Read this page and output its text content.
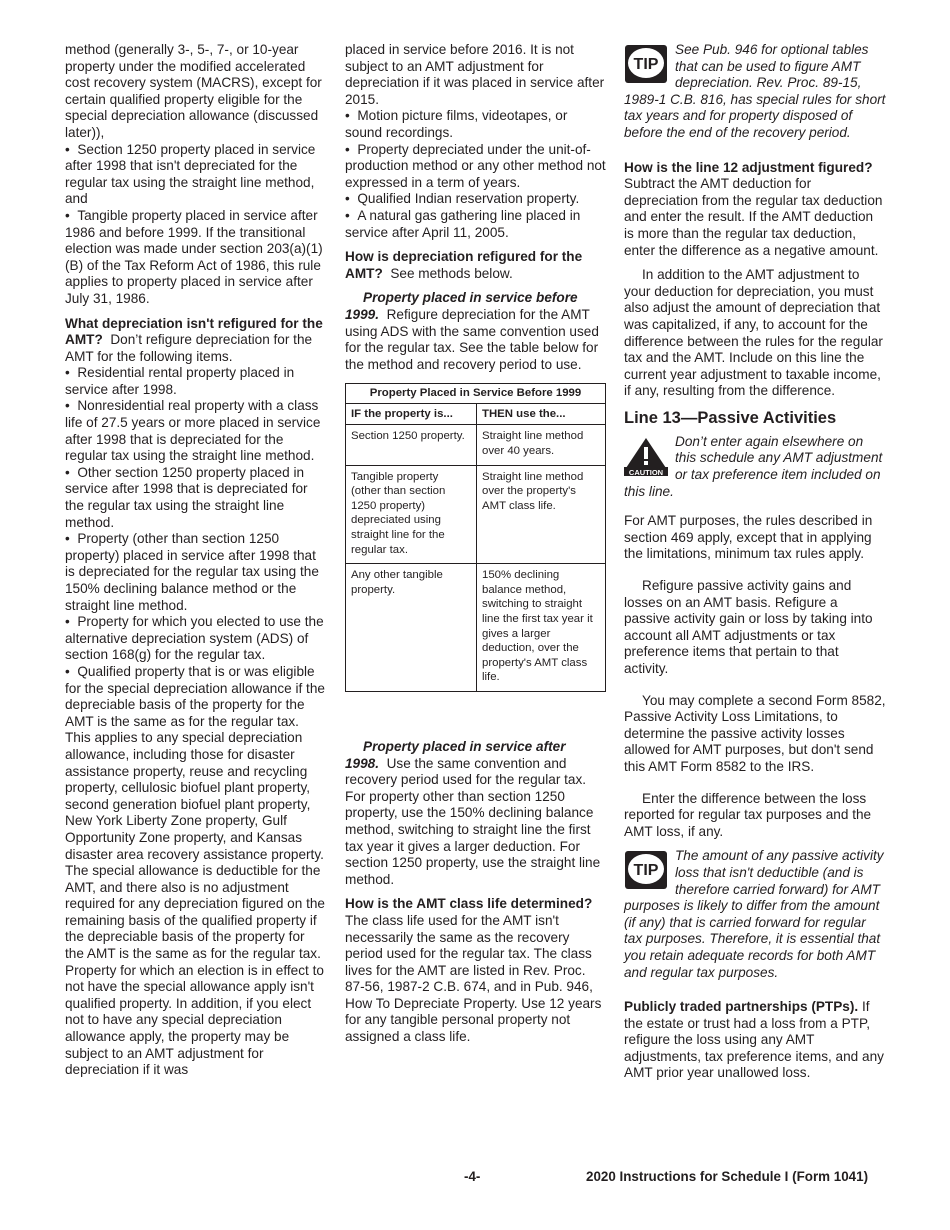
method (generally 3-, 5-, 7-, or 10-year property under the modified accelerated cost recovery system (MACRS), except for certain qualified property eligible for the special depreciation allowance (discussed later)),

•  Section 1250 property placed in service after 1998 that isn't depreciated for the regular tax using the straight line method, and

•  Tangible property placed in service after 1986 and before 1999. If the transitional election was made under section 203(a)(1)(B) of the Tax Reform Act of 1986, this rule applies to property placed in service after July 31, 1986.

What depreciation isn't refigured for the AMT? Don’t refigure depreciation for the AMT for the following items.

•  Residential rental property placed in service after 1998.

•  Nonresidential real property with a class life of 27.5 years or more placed in service after 1998 that is depreciated for the regular tax using the straight line method.

•  Other section 1250 property placed in service after 1998 that is depreciated for the regular tax using the straight line method.

•  Property (other than section 1250 property) placed in service after 1998 that is depreciated for the regular tax using the 150% declining balance method or the straight line method.

•  Property for which you elected to use the alternative depreciation system (ADS) of section 168(g) for the regular tax.

•  Qualified property that is or was eligible for the special depreciation allowance if the depreciable basis of the property for the AMT is the same as for the regular tax. This applies to any special depreciation allowance, including those for disaster assistance property, reuse and recycling property, cellulosic biofuel plant property, second generation biofuel plant property, New York Liberty Zone property, Gulf Opportunity Zone property, and Kansas disaster area recovery assistance property. The special allowance is deductible for the AMT, and there also is no adjustment required for any depreciation figured on the remaining basis of the qualified property if the depreciable basis of the property for the AMT is the same as for the regular tax. Property for which an election is in effect to not have the special allowance apply isn't qualified property. In addition, if you elect not to have any special depreciation allowance apply, the property may be subject to an AMT adjustment for depreciation if it was

placed in service before 2016. It is not subject to an AMT adjustment for depreciation if it was placed in service after 2015.

•  Motion picture films, videotapes, or sound recordings.

•  Property depreciated under the unit-of-production method or any other method not expressed in a term of years.

•  Qualified Indian reservation property.

•  A natural gas gathering line placed in service after April 11, 2005.

How is depreciation refigured for the AMT? See methods below.

Property placed in service before 1999. Refigure depreciation for the AMT using ADS with the same convention used for the regular tax. See the table below for the method and recovery period to use.

Property Placed in Service Before 1999	
IF the property is...	THEN use the...
Section 1250 property.	Straight line method over 40 years.
Tangible property (other than section 1250 property) depreciated using straight line for the regular tax.	Straight line method over the property's AMT class life.
Any other tangible property.	150% declining balance method, switching to straight line the first tax year it gives a larger deduction, over the property's AMT class life.

Property placed in service after 1998. Use the same convention and recovery period used for the regular tax. For property other than section 1250 property, use the 150% declining balance method, switching to straight line the first tax year it gives a larger deduction. For section 1250 property, use the straight line method.

How is the AMT class life determined?  The class life used for the AMT isn't necessarily the same as the recovery period used for the regular tax. The class lives for the AMT are listed in Rev. Proc. 87-56, 1987-2 C.B. 674, and in Pub. 946, How To Depreciate Property. Use 12 years for any tangible personal property not assigned a class life.

TIP

See Pub. 946 for optional tables that can be used to figure AMT depreciation. Rev. Proc. 89-15, 1989-1 C.B. 816, has special rules for short tax years and for property disposed of before the end of the recovery period.

How is the line 12 adjustment figured?  Subtract the AMT deduction for depreciation from the regular tax deduction and enter the result. If the AMT deduction is more than the regular tax deduction, enter the difference as a negative amount.

In addition to the AMT adjustment to your deduction for depreciation, you must also adjust the amount of depreciation that was capitalized, if any, to account for the difference between the rules for the regular tax and the AMT. Include on this line the current year adjustment to taxable income, if any, resulting from the difference.

Line 13—Passive Activities
CAUTION

Don’t enter again elsewhere on this schedule any AMT adjustment or tax preference item included on this line.

For AMT purposes, the rules described in section 469 apply, except that in applying the limitations, minimum tax rules apply.

Refigure passive activity gains and losses on an AMT basis. Refigure a passive activity gain or loss by taking into account all AMT adjustments or tax preference items that pertain to that activity.

You may complete a second Form 8582, Passive Activity Loss Limitations, to determine the passive activity losses allowed for AMT purposes, but don't send this AMT Form 8582 to the IRS.

Enter the difference between the loss reported for regular tax purposes and the AMT loss, if any.

TIP

The amount of any passive activity loss that isn't deductible (and is therefore carried forward) for AMT purposes is likely to differ from the amount (if any) that is carried forward for regular tax purposes. Therefore, it is essential that you retain adequate records for both AMT and regular tax purposes.

Publicly traded partnerships (PTPs). If the estate or trust had a loss from a PTP, refigure the loss using any AMT adjustments, tax preference items, and any AMT prior year unallowed loss.

-4-	2020 Instructions for Schedule I (Form 1041)
